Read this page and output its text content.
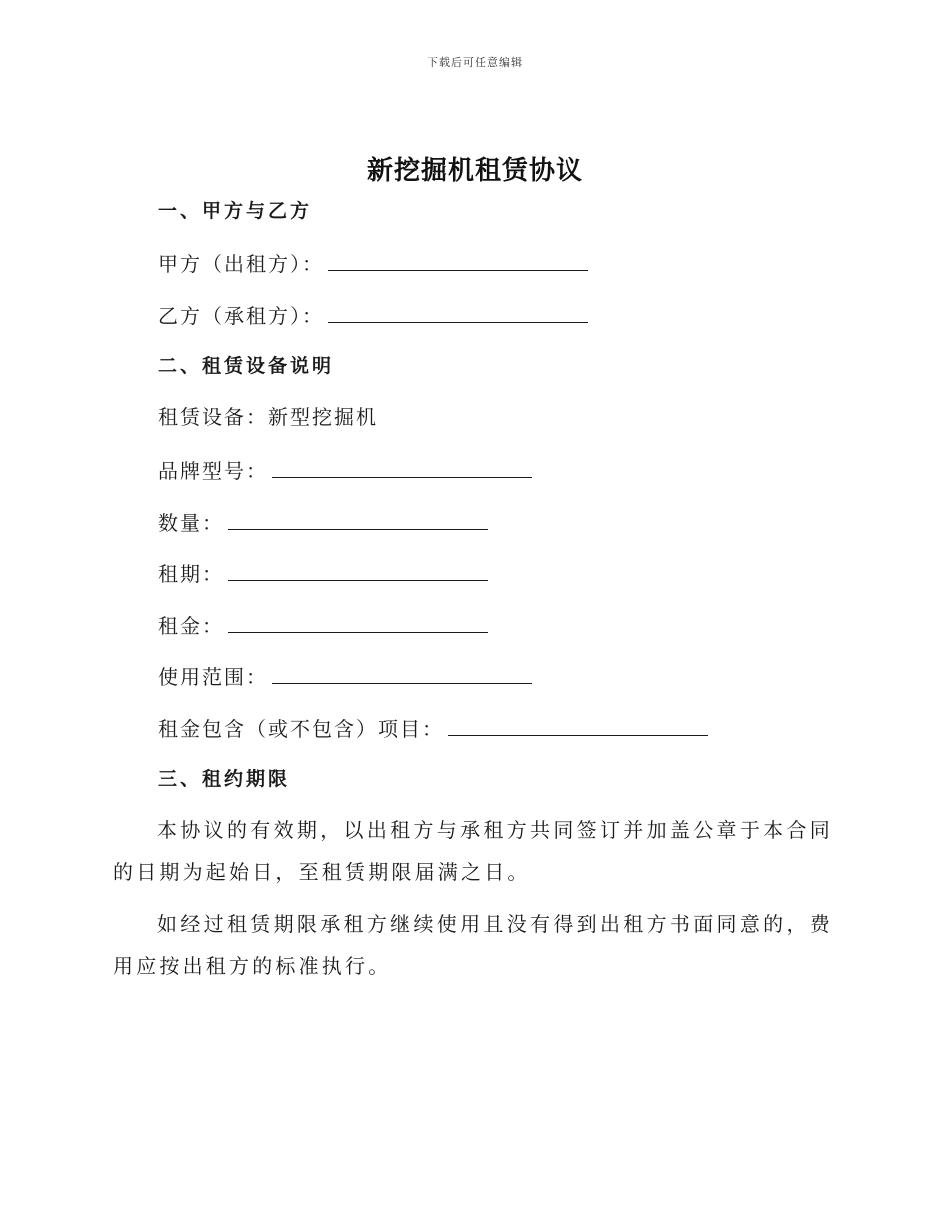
下载后可任意编辑
新挖掘机租赁协议
一、甲方与乙方
甲方（出租方）：
乙方（承租方）：
二、租赁设备说明
租赁设备：新型挖掘机
品牌型号：
数量：
租期：
租金：
使用范围：
租金包含（或不包含）项目：
三、租约期限
本协议的有效期，以出租方与承租方共同签订并加盖公章于本合同的日期为起始日，至租赁期限届满之日。
如经过租赁期限承租方继续使用且没有得到出租方书面同意的，费用应按出租方的标准执行。
